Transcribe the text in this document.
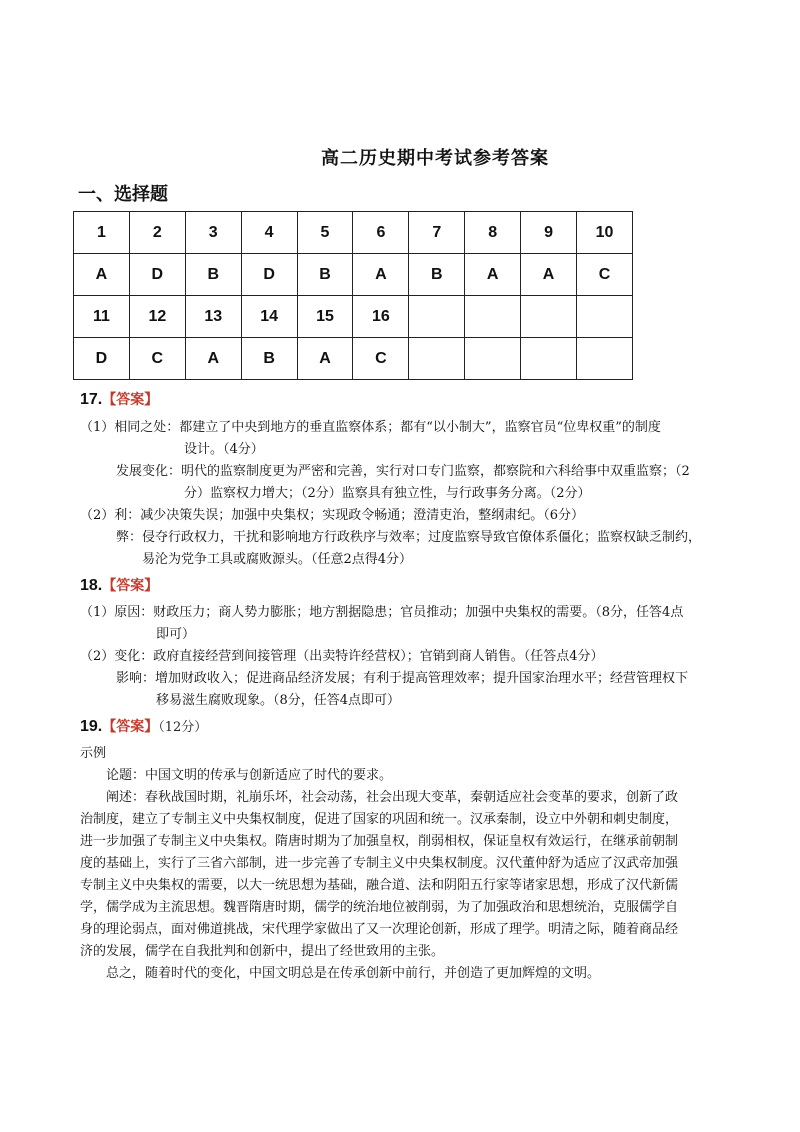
高二历史期中考试参考答案
一、选择题
1	2	3	4	5	6	7	8	9	10
A	D	B	D	B	A	B	A	A	C
11	12	13	14	15	16				
D	C	A	B	A	C				
17.【答案】
（1）相同之处：都建立了中央到地方的垂直监察体系；都有“以小制大”，监察官员“位卑权重”的制度
设计。（4分）
发展变化：明代的监察制度更为严密和完善，实行对口专门监察，都察院和六科给事中双重监察；（2
分）监察权力增大；（2分）监察具有独立性，与行政事务分离。（2分）
（2）利：减少决策失误；加强中央集权；实现政令畅通；澄清吏治，整纲肃纪。（6分）
弊：侵夺行政权力，干扰和影响地方行政秩序与效率；过度监察导致官僚体系僵化；监察权缺乏制约，
易沦为党争工具或腐败源头。（任意2点得4分）
18.【答案】
（1）原因：财政压力；商人势力膨胀；地方割据隐患；官员推动；加强中央集权的需要。（8分，任答4点
即可）
（2）变化：政府直接经营到间接管理（出卖特许经营权）；官销到商人销售。（任答点4分）
影响：增加财政收入；促进商品经济发展；有利于提高管理效率；提升国家治理水平；经营管理权下
移易滋生腐败现象。（8分，任答4点即可）
19.【答案】（12分）
示例
论题：中国文明的传承与创新适应了时代的要求。
阐述：春秋战国时期，礼崩乐坏，社会动荡，社会出现大变革，秦朝适应社会变革的要求，创新了政
治制度，建立了专制主义中央集权制度，促进了国家的巩固和统一。汉承秦制，设立中外朝和刺史制度，
进一步加强了专制主义中央集权。隋唐时期为了加强皇权，削弱相权，保证皇权有效运行，在继承前朝制
度的基础上，实行了三省六部制，进一步完善了专制主义中央集权制度。汉代董仲舒为适应了汉武帝加强
专制主义中央集权的需要，以大一统思想为基础，融合道、法和阴阳五行家等诸家思想，形成了汉代新儒
学，儒学成为主流思想。魏晋隋唐时期，儒学的统治地位被削弱，为了加强政治和思想统治，克服儒学自
身的理论弱点，面对佛道挑战，宋代理学家做出了又一次理论创新，形成了理学。明清之际，随着商品经
济的发展，儒学在自我批判和创新中，提出了经世致用的主张。
总之，随着时代的变化，中国文明总是在传承创新中前行，并创造了更加辉煌的文明。
